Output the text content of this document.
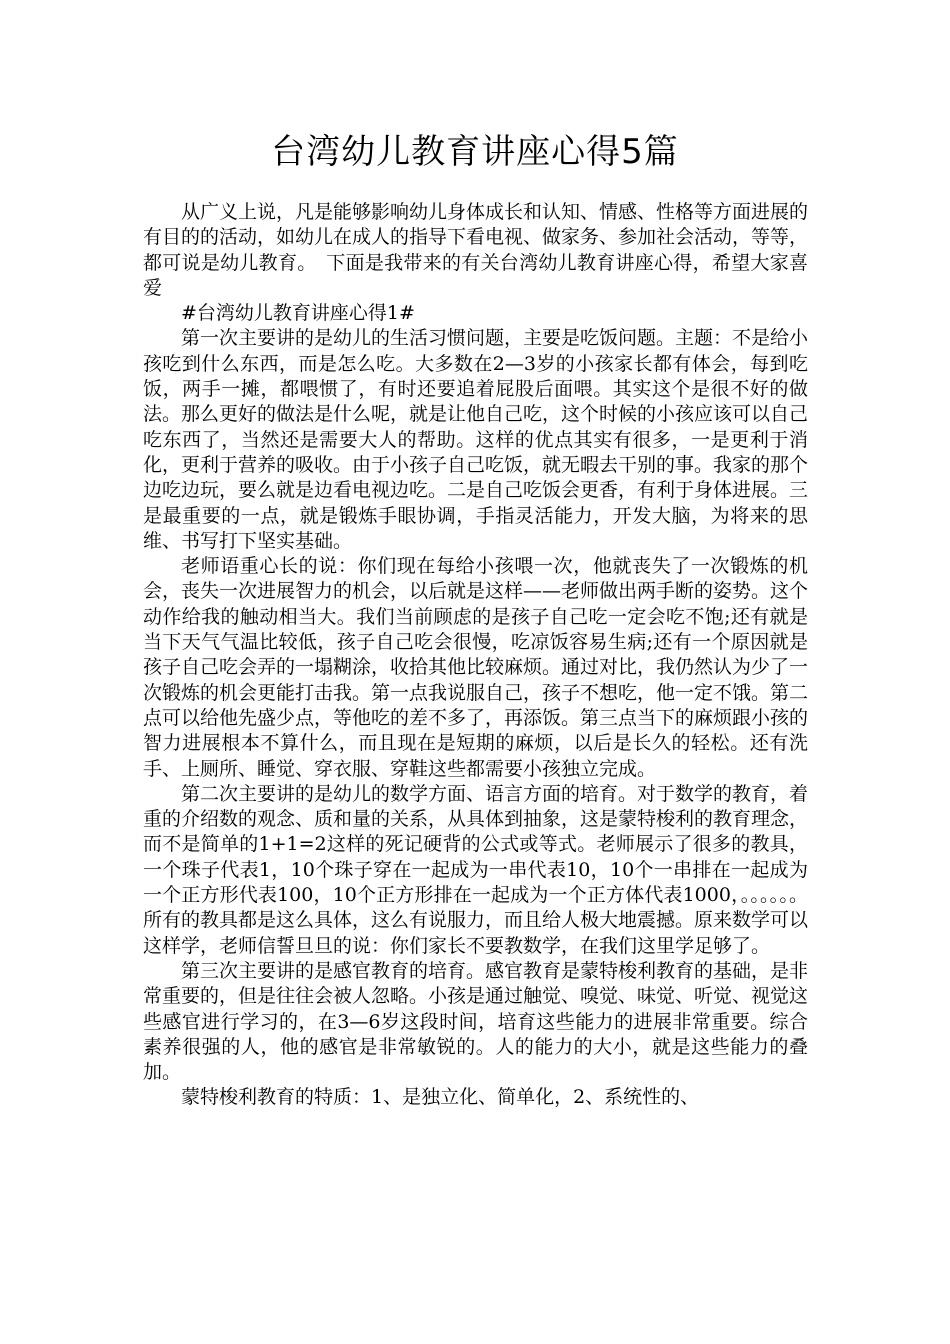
台湾幼儿教育讲座心得5篇

从广义上说，凡是能够影响幼儿身体成长和认知、情感、性格等方面进展的有目的的活动，如幼儿在成人的指导下看电视、做家务、参加社会活动，等等，都可说是幼儿教育。　下面是我带来的有关台湾幼儿教育讲座心得，希望大家喜爱

#台湾幼儿教育讲座心得1#

第一次主要讲的是幼儿的生活习惯问题，主要是吃饭问题。主题：不是给小孩吃到什么东西，而是怎么吃。大多数在2—3岁的小孩家长都有体会，每到吃饭，两手一摊，都喂惯了，有时还要追着屁股后面喂。其实这个是很不好的做法。那么更好的做法是什么呢，就是让他自己吃，这个时候的小孩应该可以自己吃东西了，当然还是需要大人的帮助。这样的优点其实有很多，一是更利于消化，更利于营养的吸收。由于小孩子自己吃饭，就无暇去干别的事。我家的那个边吃边玩，要么就是边看电视边吃。二是自己吃饭会更香，有利于身体进展。三是最重要的一点，就是锻炼手眼协调，手指灵活能力，开发大脑，为将来的思维、书写打下坚实基础。

老师语重心长的说：你们现在每给小孩喂一次，他就丧失了一次锻炼的机会，丧失一次进展智力的机会，以后就是这样——老师做出两手断的姿势。这个动作给我的触动相当大。我们当前顾虑的是孩子自己吃一定会吃不饱;还有就是当下天气气温比较低，孩子自己吃会很慢，吃凉饭容易生病;还有一个原因就是孩子自己吃会弄的一塌糊涂，收拾其他比较麻烦。通过对比，我仍然认为少了一次锻炼的机会更能打击我。第一点我说服自己，孩子不想吃，他一定不饿。第二点可以给他先盛少点，等他吃的差不多了，再添饭。第三点当下的麻烦跟小孩的智力进展根本不算什么，而且现在是短期的麻烦，以后是长久的轻松。还有洗手、上厕所、睡觉、穿衣服、穿鞋这些都需要小孩独立完成。

第二次主要讲的是幼儿的数学方面、语言方面的培育。对于数学的教育，着重的介绍数的观念、质和量的关系，从具体到抽象，这是蒙特梭利的教育理念，而不是简单的1+1=2这样的死记硬背的公式或等式。老师展示了很多的教具，一个珠子代表1，10个珠子穿在一起成为一串代表10，10个一串排在一起成为一个正方形代表100，10个正方形排在一起成为一个正方体代表1000，。。。。。。所有的教具都是这么具体，这么有说服力，而且给人极大地震撼。原来数学可以这样学，老师信誓旦旦的说：你们家长不要教数学，在我们这里学足够了。

第三次主要讲的是感官教育的培育。感官教育是蒙特梭利教育的基础，是非常重要的，但是往往会被人忽略。小孩是通过触觉、嗅觉、味觉、听觉、视觉这些感官进行学习的，在3—6岁这段时间，培育这些能力的进展非常重要。综合素养很强的人，他的感官是非常敏锐的。人的能力的大小，就是这些能力的叠加。

蒙特梭利教育的特质：1、是独立化、简单化，2、系统性的、
